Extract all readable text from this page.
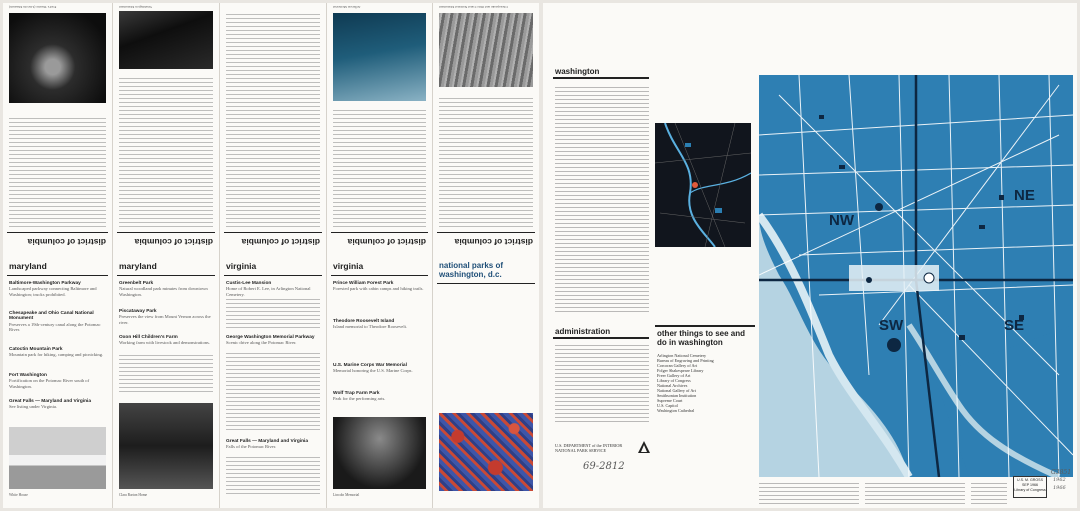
district of columbia
Ford's Theatre (Lincoln Museum)
maryland
Baltimore-Washington Parkway
Landscaped parkway connecting Baltimore and Washington; trucks prohibited.
Chesapeake and Ohio Canal National Monument
Preserves a 19th-century canal along the Potomac River.
Catoctin Mountain Park
Mountain park for hiking, camping and picnicking.
Fort Washington
Fortification on the Potomac River south of Washington.
Great Falls — Maryland and Virginia
See listing under Virginia.
White House
district of columbia
Washington Monument
maryland
Greenbelt Park
Natural woodland park minutes from downtown Washington.
Piscataway Park
Preserves the view from Mount Vernon across the river.
Oxon Hill Children's Farm
Working farm with livestock and demonstrations.
Clara Barton Home
district of columbia
virginia
Custis-Lee Mansion
Home of Robert E. Lee, in Arlington National Cemetery.
George Washington Memorial Parkway
Scenic drive along the Potomac River.
Great Falls — Maryland and Virginia
Falls of the Potomac River.
district of columbia
Jefferson Memorial
virginia
Prince William Forest Park
Forested park with cabin camps and hiking trails.
Theodore Roosevelt Island
Island memorial to Theodore Roosevelt.
U.S. Marine Corps War Memorial
Memorial honoring the U.S. Marine Corps.
Wolf Trap Farm Park
Park for the performing arts.
Lincoln Memorial
district of columbia
Chesapeake and Ohio Canal National Monument
national parks of washington, d.c.
washington
administration
U.S. DEPARTMENT of the INTERIOR
NATIONAL PARK SERVICE
other things to see and do in washington
Arlington National Cemetery
Bureau of Engraving and Printing
Corcoran Gallery of Art
Folger Shakespeare Library
Freer Gallery of Art
Library of Congress
National Archives
National Gallery of Art
Smithsonian Institution
Supreme Court
U.S. Capitol
Washington Cathedral
NW
NE
SW	SE
U.S. M. GROSS
SEP 1966
Library of Congress
69-2812
G3851
1962
1966
